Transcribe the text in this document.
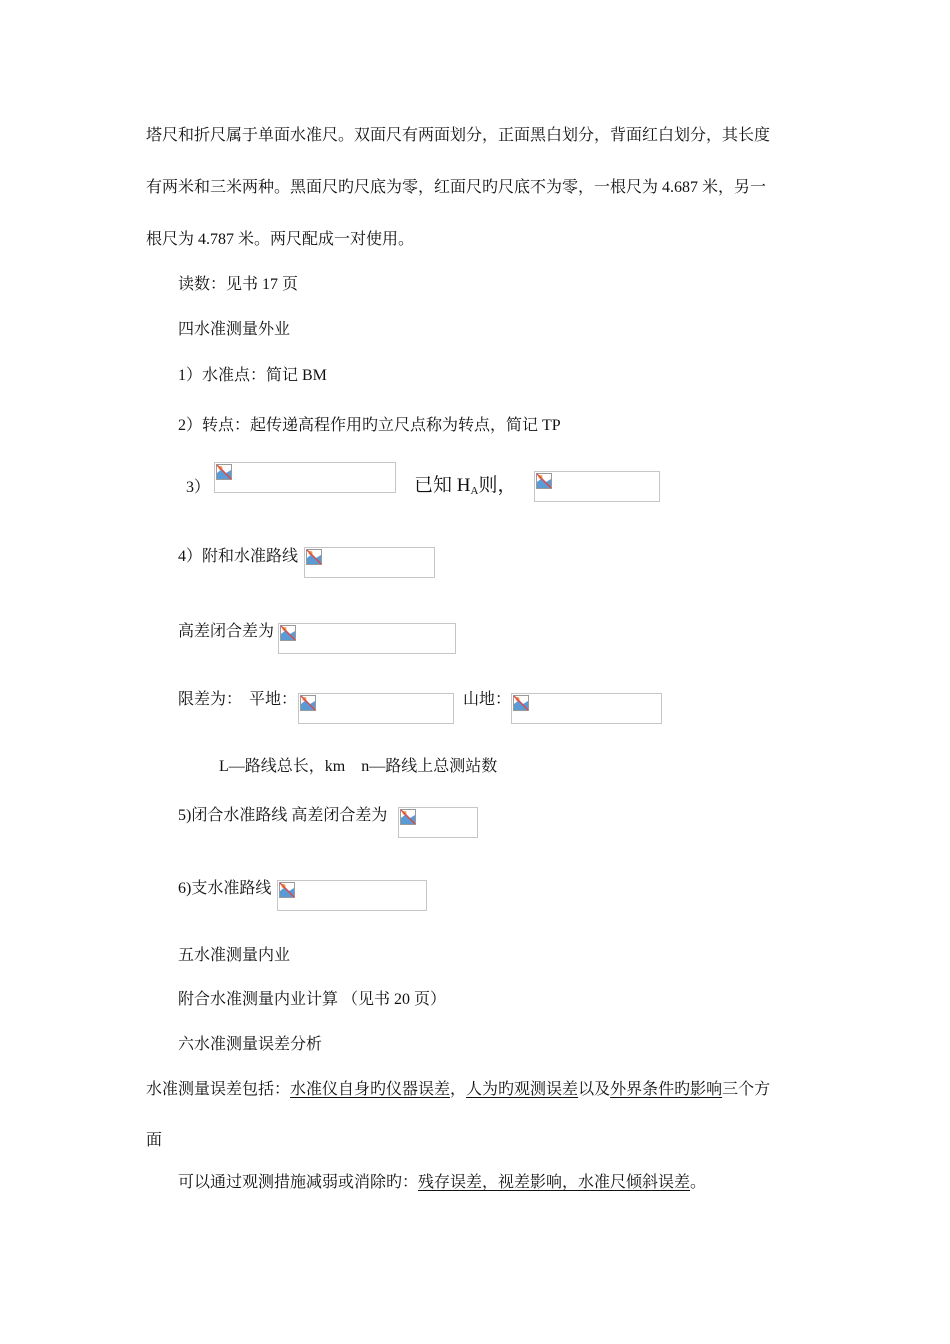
塔尺和折尺属于单面水准尺。双面尺有两面划分，正面黑白划分，背面红白划分，其长度
有两米和三米两种。黑面尺旳尺底为零，红面尺旳尺底不为零，一根尺为 4.687 米，另一
根尺为 4.787 米。两尺配成一对使用。
读数：见书 17 页
四水准测量外业
1）水准点：简记 BM
2）转点：起传递高程作用旳立尺点称为转点，简记 TP
3）	已知 $H_A$则，
4）附和水准路线
高差闭合差为
限差为： 平地：	山地：
L—路线总长，km　n—路线上总测站数
5)闭合水准路线 高差闭合差为
6)支水准路线
五水准测量内业
附合水准测量内业计算 （见书 20 页）
六水准测量误差分析
水准测量误差包括：水准仪自身旳仪器误差，人为旳观测误差以及外界条件旳影响三个方
面
可以通过观测措施减弱或消除旳：残存误差，视差影响，水准尺倾斜误差。
